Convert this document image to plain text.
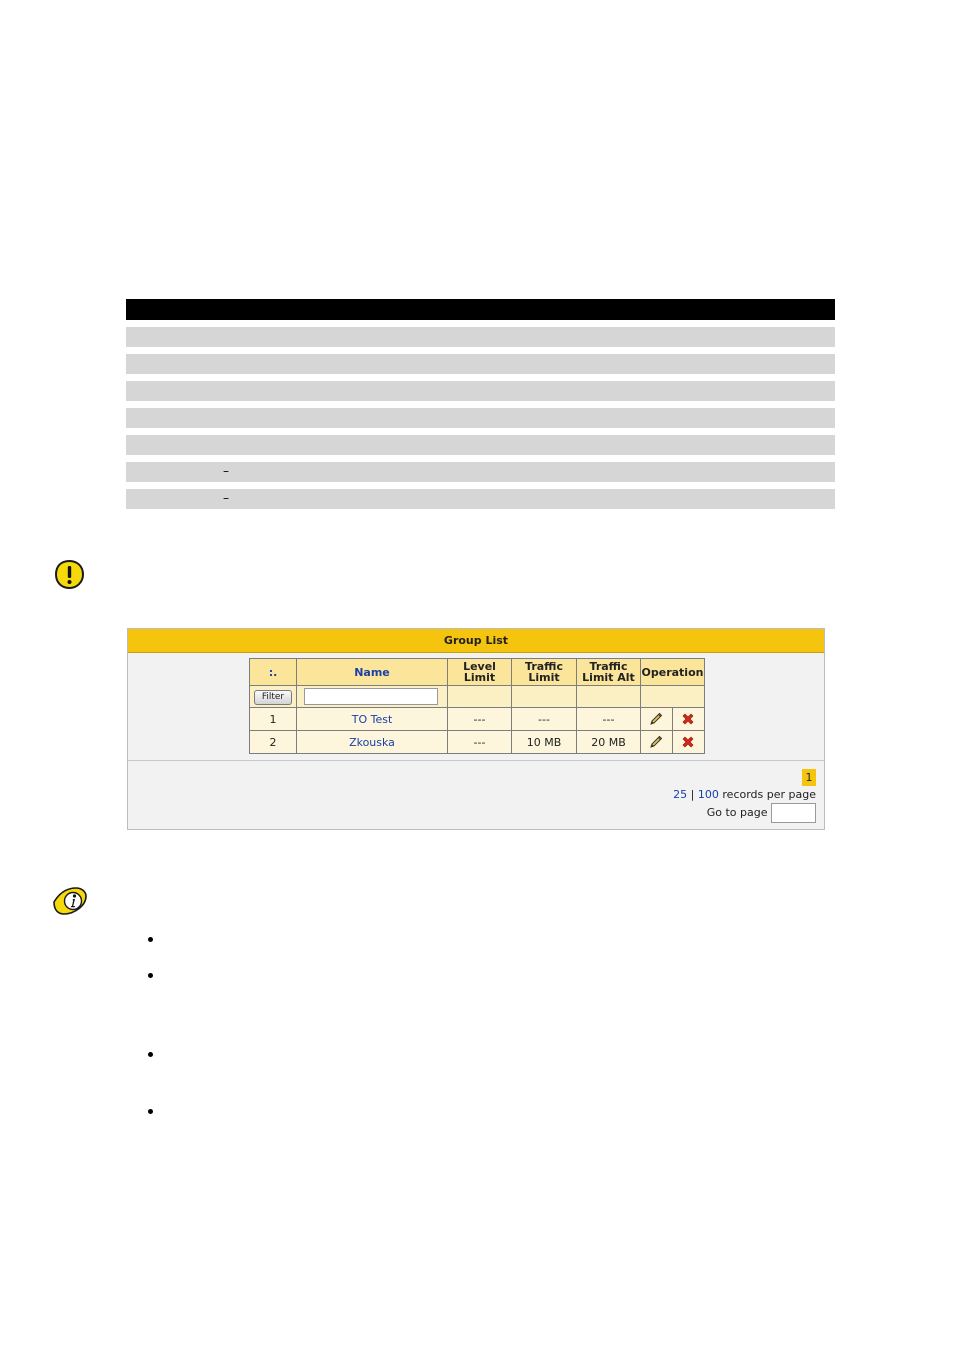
–
–
Group List
:.	Name	Level Limit	Traffic Limit	Traffic Limit Alt	Operation	
Filter	

1	TO Test	---	---	---	

2	Zkouska	---	10 MB	20 MB	

1
25 | 100 records per page
Go to page
